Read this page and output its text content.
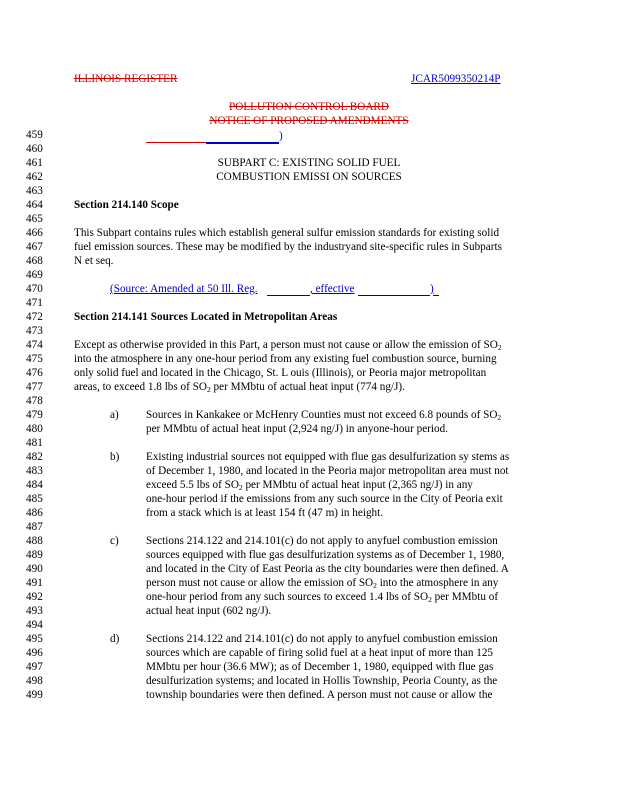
ILLINOIS REGISTER	JCAR5099350214P
POLLUTION CONTROL BOARD
NOTICE OF PROPOSED AMENDMENTS
459
460
461
462
463
464
465
466
467
468
469
470
471
472
473
474
475
476
477
478
479
480
481
482
483
484
485
486
487
488
489
490
491
492
493
494
495
496
497
498
499
)
SUBPART C: EXISTING SOLID FUEL
COMBUSTION EMISSI ON SOURCES
Section 214.140 Scope
This Subpart contains rules which establish general sulfur emission standards for existing solid
fuel emission sources. These may be modified by the industryand site-specific rules in Subparts
N et seq.
(Source: Amended at 50 Ill. Reg.	, effective	)
Section 214.141 Sources Located in Metropolitan Areas
Except as otherwise provided in this Part, a person must not cause or allow the emission of $SO_2$
into the atmosphere in any one-hour period from any existing fuel combustion source, burning
only solid fuel and located in the Chicago, St. L ouis (Illinois), or Peoria major metropolitan
areas, to exceed 1.8 lbs of $SO_2$ per MMbtu of actual heat input (774 ng/J).
a) Sources in Kankakee or McHenry Counties must not exceed 6.8 pounds of $SO_2$
per MMbtu of actual heat input (2,924 ng/J) in anyone-hour period.
b) Existing industrial sources not equipped with flue gas desulfurization sy stems as
of December 1, 1980, and located in the Peoria major metropolitan area must not
exceed 5.5 lbs of $SO_2$ per MMbtu of actual heat input (2,365 ng/J) in any
one-hour period if the emissions from any such source in the City of Peoria exit
from a stack which is at least 154 ft (47 m) in height.
c) Sections 214.122 and 214.101(c) do not apply to anyfuel combustion emission
sources equipped with flue gas desulfurization systems as of December 1, 1980,
and located in the City of East Peoria as the city boundaries were then defined. A
person must not cause or allow the emission of $SO_2$ into the atmosphere in any
one-hour period from any such sources to exceed 1.4 lbs of $SO_2$ per MMbtu of
actual heat input (602 ng/J).
d) Sections 214.122 and 214.101(c) do not apply to anyfuel combustion emission
sources which are capable of firing solid fuel at a heat input of more than 125
MMbtu per hour (36.6 MW); as of December 1, 1980, equipped with flue gas
desulfurization systems; and located in Hollis Township, Peoria County, as the
township boundaries were then defined. A person must not cause or allow the
